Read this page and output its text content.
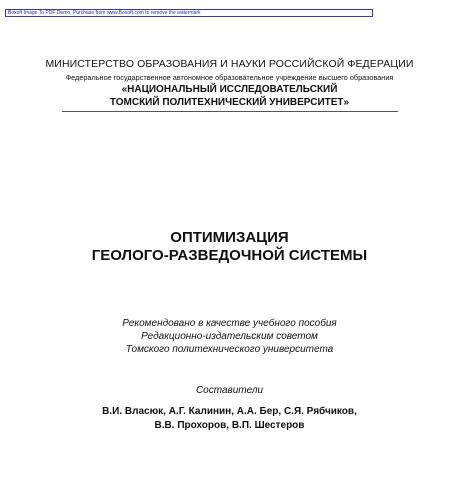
Boxoft Image To PDF Demo. Purchase from www.Boxoft.com to remove the watermark
МИНИСТЕРСТВО ОБРАЗОВАНИЯ И НАУКИ РОССИЙСКОЙ ФЕДЕРАЦИИ
Федеральное государственное автономное образовательное учреждение высшего образования
«НАЦИОНАЛЬНЫЙ ИССЛЕДОВАТЕЛЬСКИЙ
ТОМСКИЙ ПОЛИТЕХНИЧЕСКИЙ УНИВЕРСИТЕТ»
ОПТИМИЗАЦИЯ
ГЕОЛОГО-РАЗВЕДОЧНОЙ СИСТЕМЫ
Рекомендовано в качестве учебного пособия
Редакционно-издательским советом
Томского политехнического университета
Составители
В.И. Власюк, А.Г. Калинин, А.А. Бер, С.Я. Рябчиков,
В.В. Прохоров, В.П. Шестеров
